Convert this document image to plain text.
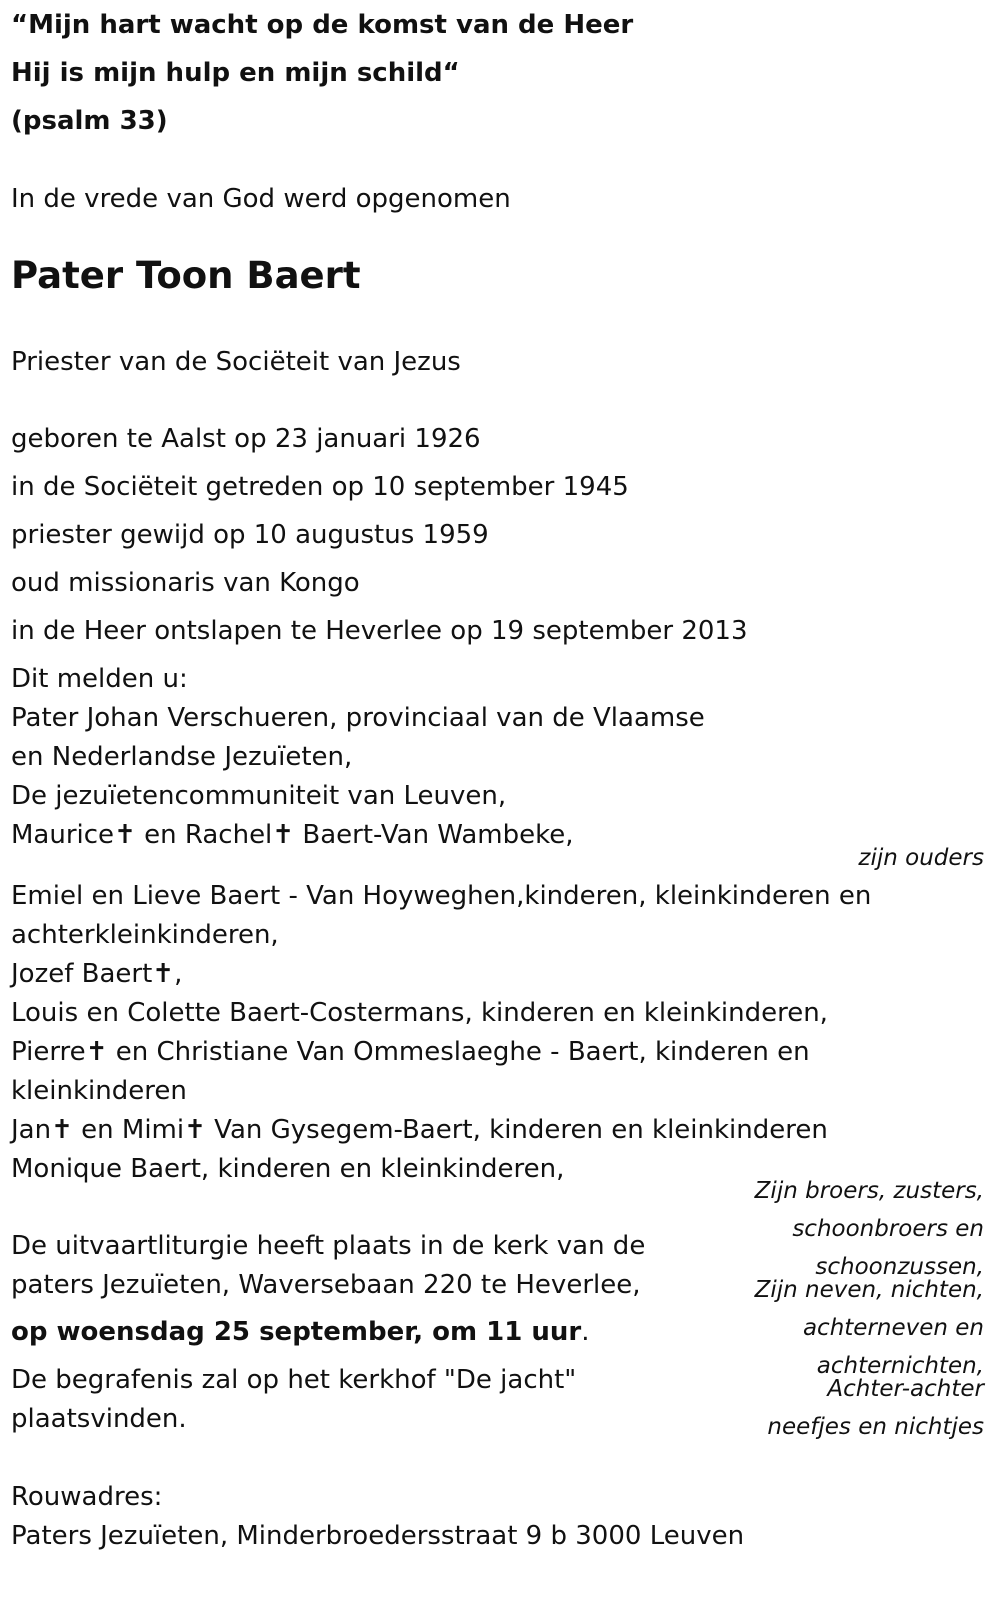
“Mijn hart wacht op de komst van de Heer
Hij is mijn hulp en mijn schild“
(psalm 33)
In de vrede van God werd opgenomen
Pater Toon Baert
Priester van de Sociëteit van Jezus
geboren te Aalst op 23 januari 1926
in de Sociëteit getreden op 10 september 1945
priester gewijd op 10 augustus 1959
oud missionaris van Kongo
in de Heer ontslapen te Heverlee op 19 september 2013
Dit melden u:
Pater Johan Verschueren, provinciaal van de Vlaamse
en Nederlandse Jezuïeten,
De jezuïetencommuniteit van Leuven,
Maurice✝ en Rachel✝ Baert-Van Wambeke,
zijn ouders
Emiel en Lieve Baert - Van Hoyweghen,kinderen, kleinkinderen en
achterkleinkinderen,
Jozef Baert✝,
Louis en Colette Baert-Costermans, kinderen en kleinkinderen,
Pierre✝ en Christiane Van Ommeslaeghe - Baert, kinderen en
kleinkinderen
Jan✝ en Mimi✝ Van Gysegem-Baert, kinderen en kleinkinderen
Monique Baert, kinderen en kleinkinderen,
Zijn broers, zusters,
schoonbroers en
schoonzussen,
Zijn neven, nichten,
achterneven en
achternichten,
Achter-achter
neefjes en nichtjes
De uitvaartliturgie heeft plaats in de kerk van de
paters Jezuïeten, Waversebaan 220 te Heverlee,
op woensdag 25 september, om 11 uur.
De begrafenis zal op het kerkhof "De jacht"
plaatsvinden.
Rouwadres:
Paters Jezuïeten, Minderbroedersstraat 9 b 3000 Leuven
